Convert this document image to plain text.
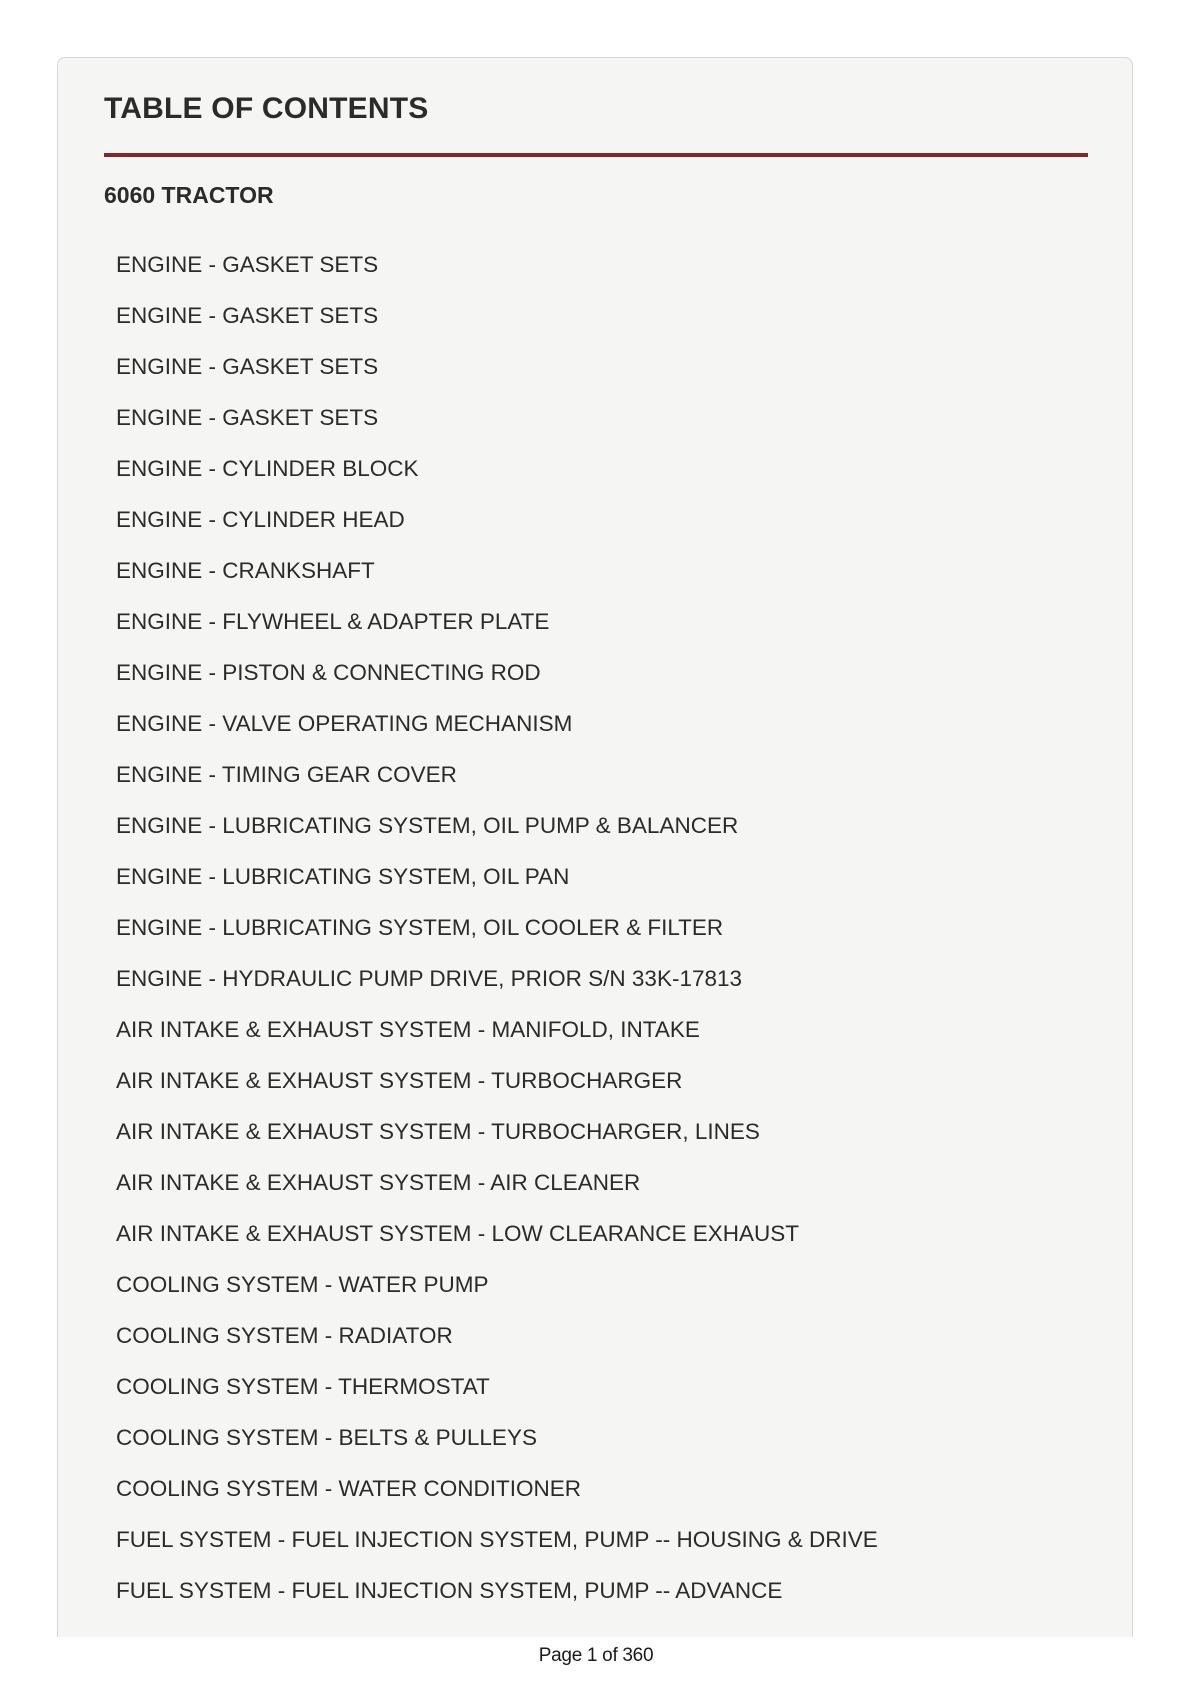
TABLE OF CONTENTS
6060 TRACTOR
ENGINE - GASKET SETS
ENGINE - GASKET SETS
ENGINE - GASKET SETS
ENGINE - GASKET SETS
ENGINE - CYLINDER BLOCK
ENGINE - CYLINDER HEAD
ENGINE - CRANKSHAFT
ENGINE - FLYWHEEL & ADAPTER PLATE
ENGINE - PISTON & CONNECTING ROD
ENGINE - VALVE OPERATING MECHANISM
ENGINE - TIMING GEAR COVER
ENGINE - LUBRICATING SYSTEM, OIL PUMP & BALANCER
ENGINE - LUBRICATING SYSTEM, OIL PAN
ENGINE - LUBRICATING SYSTEM, OIL COOLER & FILTER
ENGINE - HYDRAULIC PUMP DRIVE, PRIOR S/N 33K-17813
AIR INTAKE & EXHAUST SYSTEM - MANIFOLD, INTAKE
AIR INTAKE & EXHAUST SYSTEM - TURBOCHARGER
AIR INTAKE & EXHAUST SYSTEM - TURBOCHARGER, LINES
AIR INTAKE & EXHAUST SYSTEM - AIR CLEANER
AIR INTAKE & EXHAUST SYSTEM - LOW CLEARANCE EXHAUST
COOLING SYSTEM - WATER PUMP
COOLING SYSTEM - RADIATOR
COOLING SYSTEM - THERMOSTAT
COOLING SYSTEM - BELTS & PULLEYS
COOLING SYSTEM - WATER CONDITIONER
FUEL SYSTEM - FUEL INJECTION SYSTEM, PUMP -- HOUSING & DRIVE
FUEL SYSTEM - FUEL INJECTION SYSTEM, PUMP -- ADVANCE
Page 1 of 360
